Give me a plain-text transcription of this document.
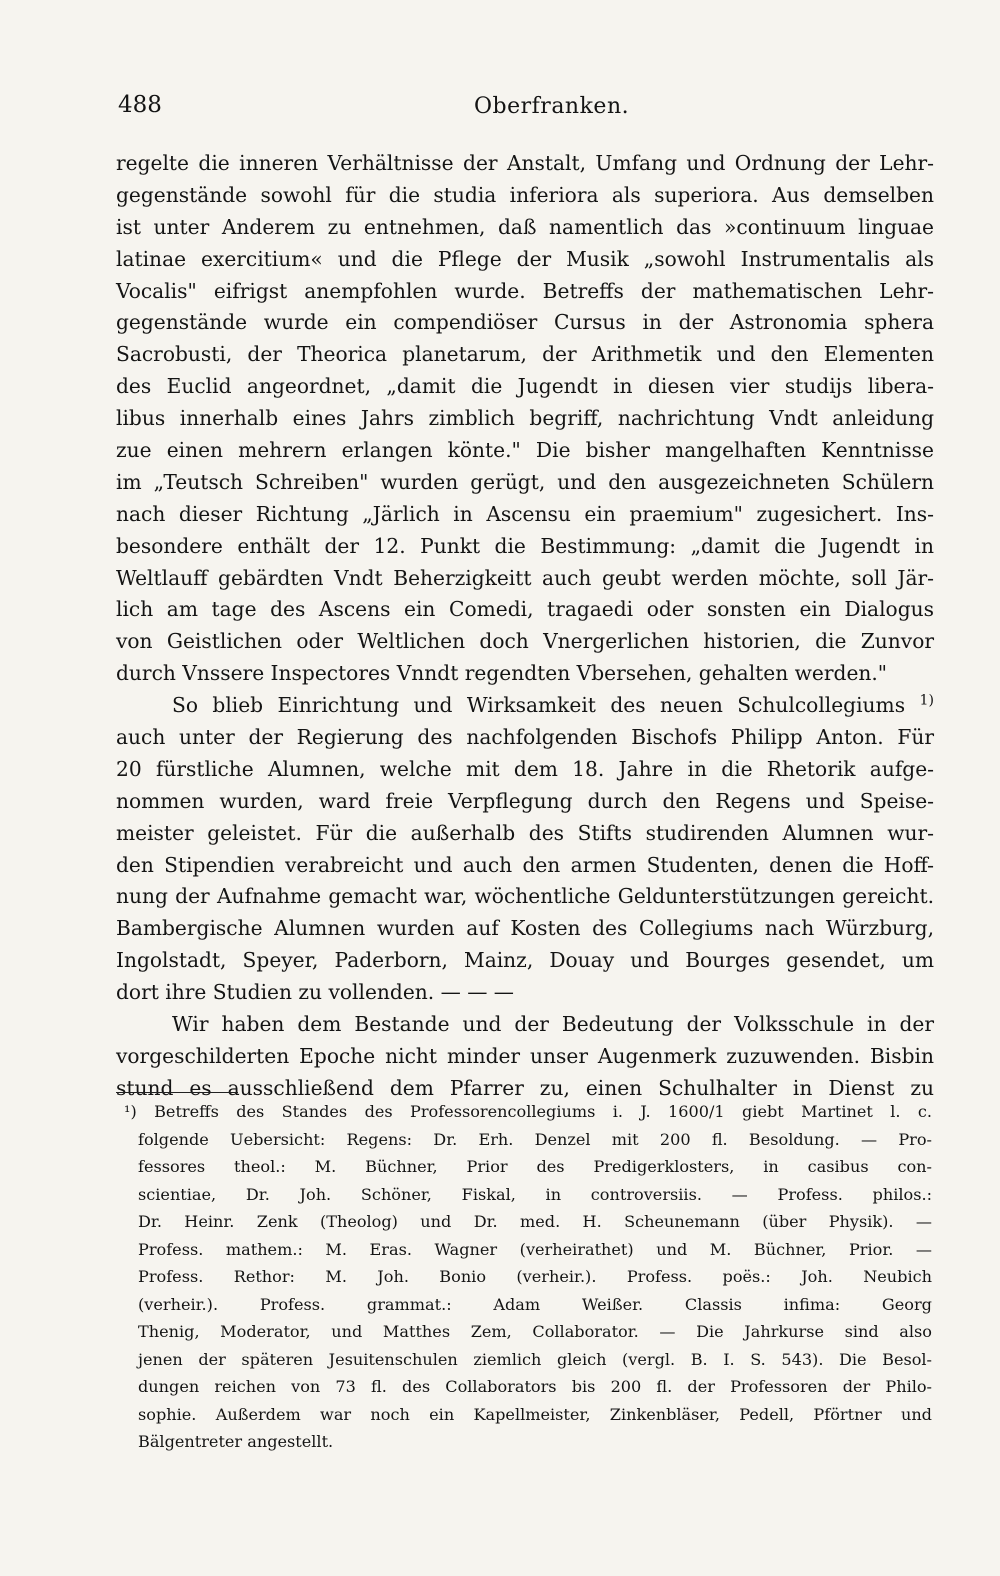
488	Oberfranken.
regelte die inneren Verhältnisse der Anstalt, Umfang und Ordnung der Lehr-
gegenstände sowohl für die studia inferiora als superiora. Aus demselben
ist unter Anderem zu entnehmen, daß namentlich das »continuum linguae
latinae exercitium« und die Pflege der Musik „sowohl Instrumentalis als
Vocalis" eifrigst anempfohlen wurde. Betreffs der mathematischen Lehr-
gegenstände wurde ein compendiöser Cursus in der Astronomia sphera
Sacrobusti, der Theorica planetarum, der Arithmetik und den Elementen
des Euclid angeordnet, „damit die Jugendt in diesen vier studijs libera-
libus innerhalb eines Jahrs zimblich begriff, nachrichtung Vndt anleidung
zue einen mehrern erlangen könte." Die bisher mangelhaften Kenntnisse
im „Teutsch Schreiben" wurden gerügt, und den ausgezeichneten Schülern
nach dieser Richtung „Järlich in Ascensu ein praemium" zugesichert. Ins-
besondere enthält der 12. Punkt die Bestimmung: „damit die Jugendt in
Weltlauff gebärdten Vndt Beherzigkeitt auch geubt werden möchte, soll Jär-
lich am tage des Ascens ein Comedi, tragaedi oder sonsten ein Dialogus
von Geistlichen oder Weltlichen doch Vnergerlichen historien, die Zunvor
durch Vnssere Inspectores Vnndt regendten Vbersehen, gehalten werden."
So blieb Einrichtung und Wirksamkeit des neuen Schulcollegiums $^{1)}$
auch unter der Regierung des nachfolgenden Bischofs Philipp Anton. Für
20 fürstliche Alumnen, welche mit dem 18. Jahre in die Rhetorik aufge-
nommen wurden, ward freie Verpflegung durch den Regens und Speise-
meister geleistet. Für die außerhalb des Stifts studirenden Alumnen wur-
den Stipendien verabreicht und auch den armen Studenten, denen die Hoff-
nung der Aufnahme gemacht war, wöchentliche Geldunterstützungen gereicht.
Bambergische Alumnen wurden auf Kosten des Collegiums nach Würzburg,
Ingolstadt, Speyer, Paderborn, Mainz, Douay und Bourges gesendet, um
dort ihre Studien zu vollenden. — — —
Wir haben dem Bestande und der Bedeutung der Volksschule in der
vorgeschilderten Epoche nicht minder unser Augenmerk zuzuwenden. Bisbin
stund es ausschließend dem Pfarrer zu, einen Schulhalter in Dienst zu
¹) Betreffs des Standes des Professorencollegiums i. J. 1600/1 giebt Martinet l. c.
folgende Uebersicht: Regens: Dr. Erh. Denzel mit 200 fl. Besoldung. — Pro-
fessores theol.: M. Büchner, Prior des Predigerklosters, in casibus con-
scientiae, Dr. Joh. Schöner, Fiskal, in controversiis. — Profess. philos.:
Dr. Heinr. Zenk (Theolog) und Dr. med. H. Scheunemann (über Physik). —
Profess. mathem.: M. Eras. Wagner (verheirathet) und M. Büchner, Prior. —
Profess. Rethor: M. Joh. Bonio (verheir.). Profess. poës.: Joh. Neubich
(verheir.). Profess. grammat.: Adam Weißer. Classis infima: Georg
Thenig, Moderator, und Matthes Zem, Collaborator. — Die Jahrkurse sind also
jenen der späteren Jesuitenschulen ziemlich gleich (vergl. B. I. S. 543). Die Besol-
dungen reichen von 73 fl. des Collaborators bis 200 fl. der Professoren der Philo-
sophie. Außerdem war noch ein Kapellmeister, Zinkenbläser, Pedell, Pförtner und
Bälgentreter angestellt.
